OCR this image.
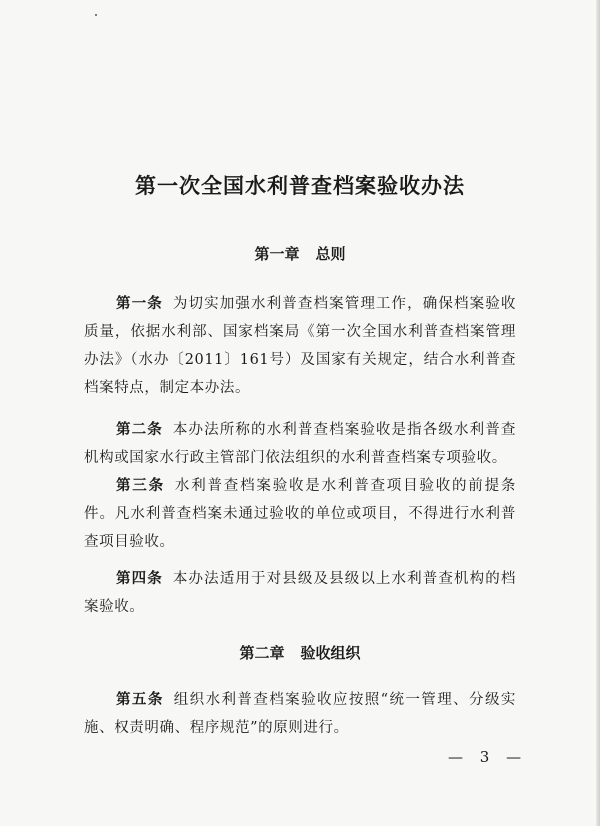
第一次全国水利普查档案验收办法
第一章 总则

第一条 为切实加强水利普查档案管理工作，确保档案验收质量，依据水利部、国家档案局《第一次全国水利普查档案管理办法》（水办〔2011〕161号）及国家有关规定，结合水利普查档案特点，制定本办法。

第二条 本办法所称的水利普查档案验收是指各级水利普查机构或国家水行政主管部门依法组织的水利普查档案专项验收。

第三条 水利普查档案验收是水利普查项目验收的前提条件。凡水利普查档案未通过验收的单位或项目，不得进行水利普查项目验收。

第四条 本办法适用于对县级及县级以上水利普查机构的档案验收。

第二章 验收组织

第五条 组织水利普查档案验收应按照“统一管理、分级实施、权责明确、程序规范”的原则进行。

— 3 —
